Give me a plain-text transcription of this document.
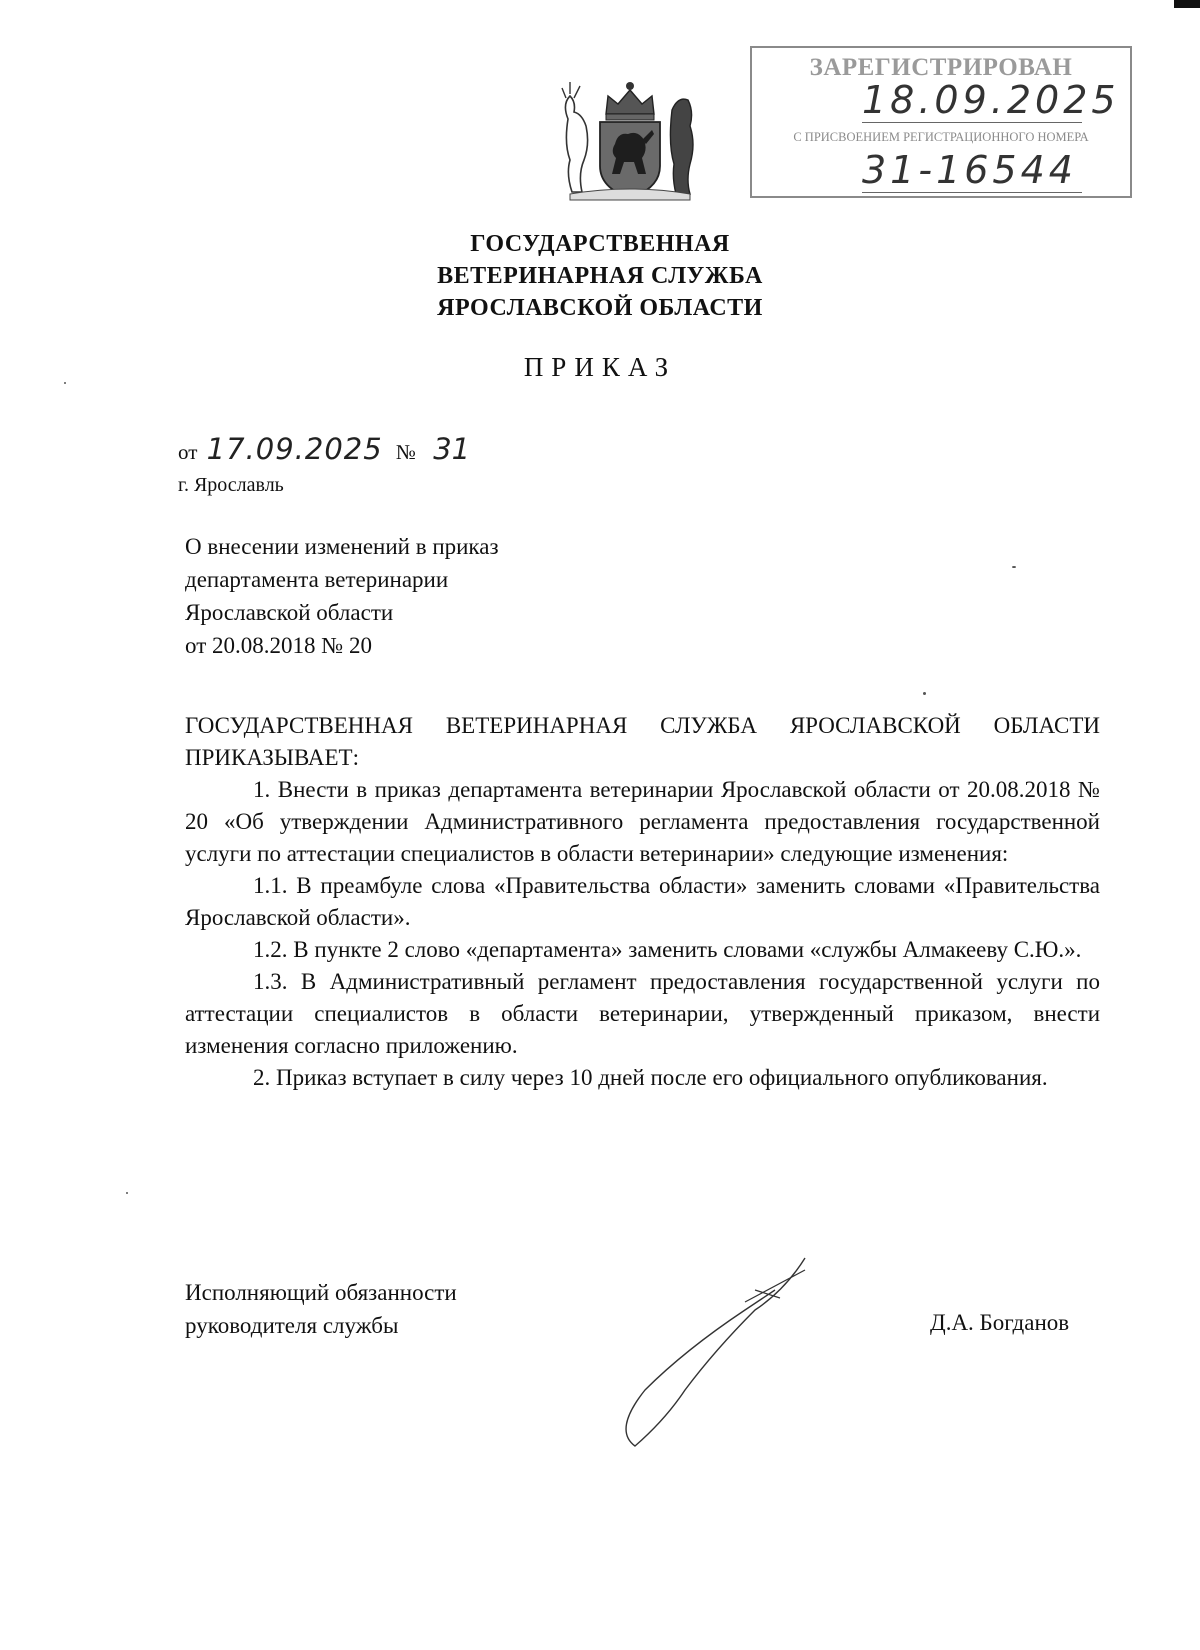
ЗАРЕГИСТРИРОВАН
18.09.2025
С ПРИСВОЕНИЕМ РЕГИСТРАЦИОННОГО НОМЕРА
31-16544
ГОСУДАРСТВЕННАЯ
ВЕТЕРИНАРНАЯ СЛУЖБА
ЯРОСЛАВСКОЙ ОБЛАСТИ
ПРИКАЗ
от 17.09.2025 № 31
г. Ярославль
О внесении изменений в приказ
департамента ветеринарии
Ярославской области
от 20.08.2018 № 20

ГОСУДАРСТВЕННАЯ ВЕТЕРИНАРНАЯ СЛУЖБА ЯРОСЛАВСКОЙ ОБЛАСТИ ПРИКАЗЫВАЕТ:

1. Внести в приказ департамента ветеринарии Ярославской области от 20.08.2018 № 20 «Об утверждении Административного регламента предоставления государственной услуги по аттестации специалистов в области ветеринарии» следующие изменения:

1.1. В преамбуле слова «Правительства области» заменить словами «Правительства Ярославской области».

1.2. В пункте 2 слово «департамента» заменить словами «службы Алмакееву С.Ю.».

1.3. В Административный регламент предоставления государственной услуги по аттестации специалистов в области ветеринарии, утвержденный приказом, внести изменения согласно приложению.

2. Приказ вступает в силу через 10 дней после его официального опубликования.

Исполняющий обязанности
руководителя службы	Д.А. Богданов
